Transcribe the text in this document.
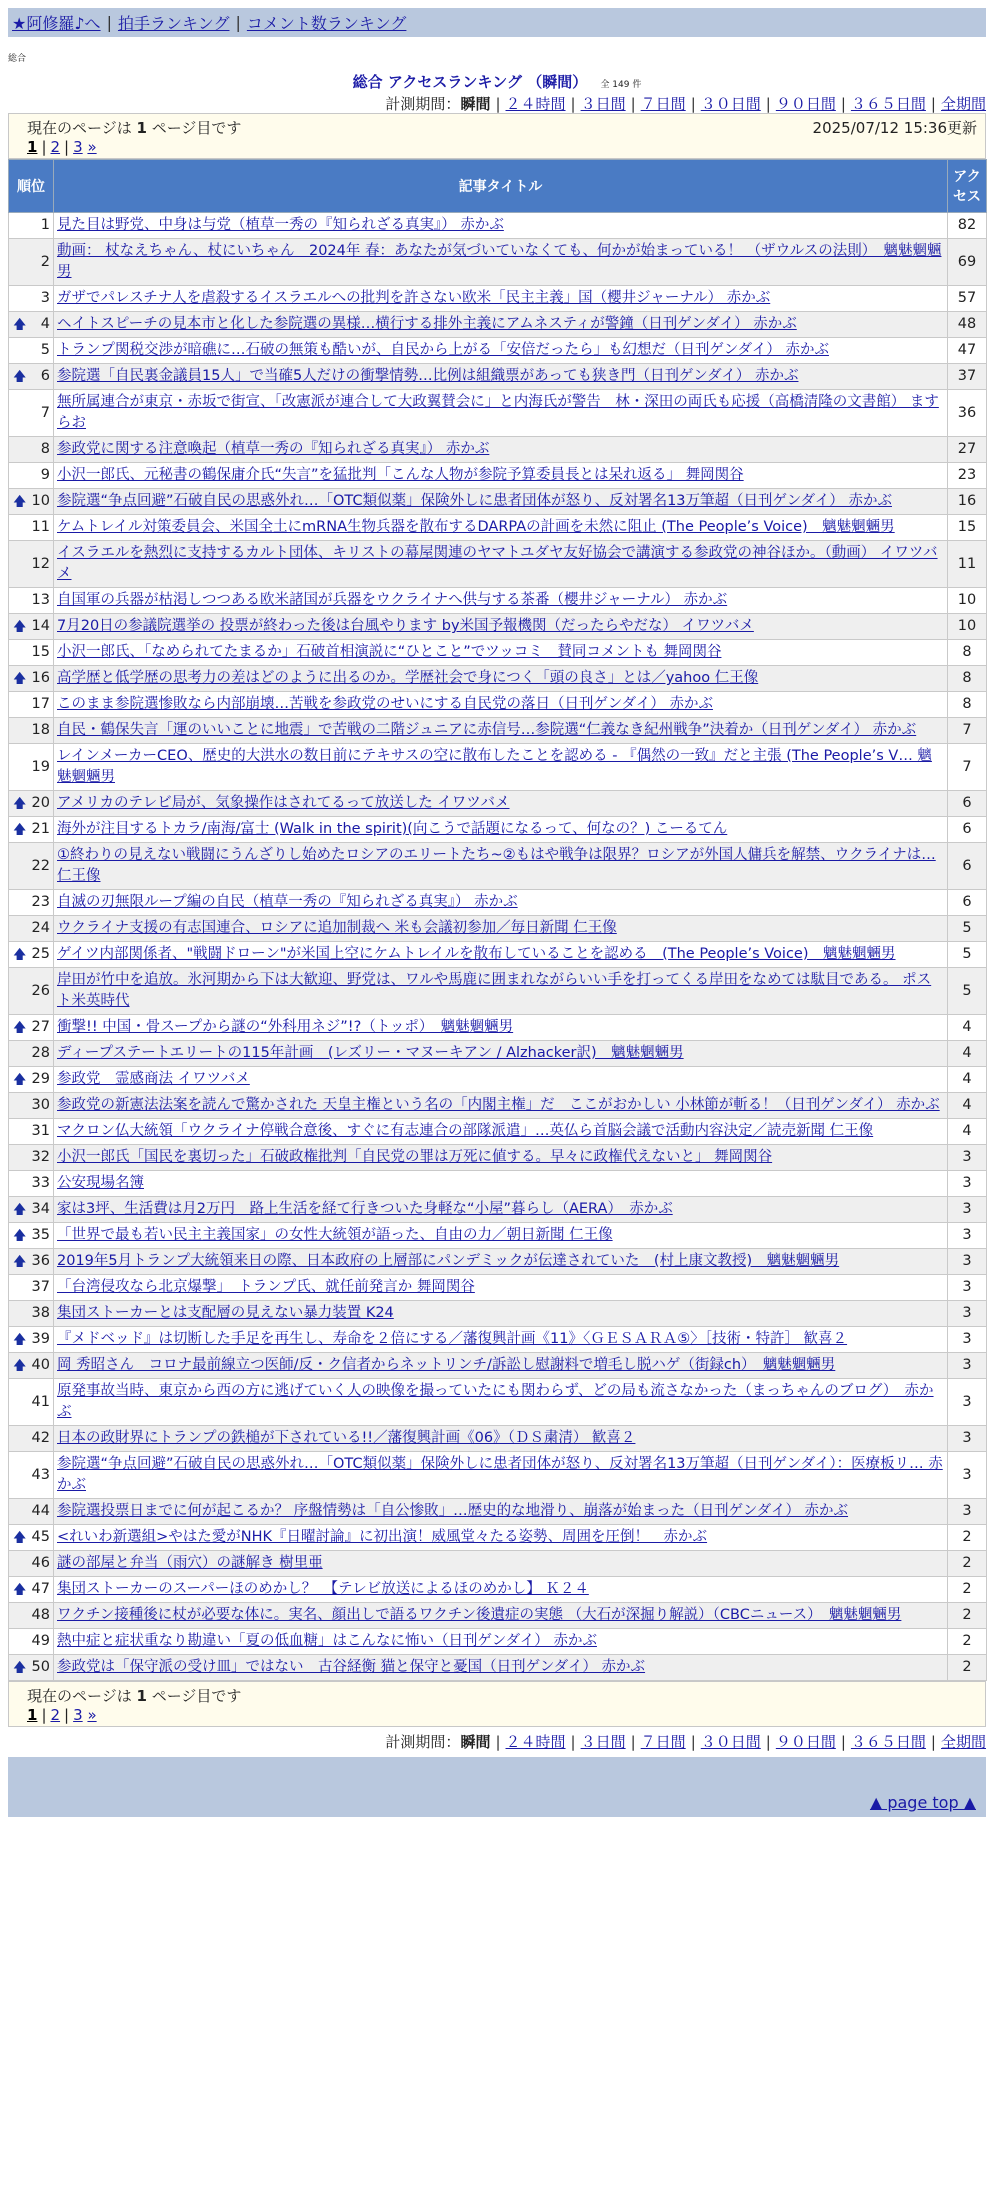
★阿修羅♪へ | 拍手ランキング | コメント数ランキング
総合
総合 アクセスランキング （瞬間） 全 149 件
計測期間：瞬間 | ２４時間 | ３日間 | ７日間 | ３０日間 | ９０日間 | ３６５日間 | 全期間
現在のページは 1 ページ目です	2025/07/12 15:36更新
1 | 2 | 3 »
順位	記事タイトル	アクセス
1	見た目は野党、中身は与党（植草一秀の『知られざる真実』） 赤かぶ	82
2	動画： 杖なえちゃん、杖にいちゃん　2024年 春：あなたが気づいていなくても、何かが始まっている！ （ザウルスの法則）　魑魅魍魎男	69
3	ガザでパレスチナ人を虐殺するイスラエルへの批判を許さない欧米「民主主義」国（櫻井ジャーナル） 赤かぶ	57

🡅 4	ヘイトスピーチの見本市と化した参院選の異様…横行する排外主義にアムネスティが警鐘（日刊ゲンダイ） 赤かぶ	48
5	トランプ関税交渉が暗礁に…石破の無策も酷いが、自民から上がる「安倍だったら」も幻想だ（日刊ゲンダイ） 赤かぶ	47

🡅 6	参院選「自民裏金議員15人」で当確5人だけの衝撃情勢…比例は組織票があっても狭き門（日刊ゲンダイ） 赤かぶ	37
7	無所属連合が東京・赤坂で街宣、「改憲派が連合して大政翼賛会に」と内海氏が警告　林・深田の両氏も応援（高橋清隆の文書館） ますらお	36
8	参政党に関する注意喚起（植草一秀の『知られざる真実』） 赤かぶ	27
9	小沢一郎氏、元秘書の鶴保庸介氏“失言”を猛批判「こんな人物が参院予算委員長とは呆れ返る」 舞岡関谷	23

🡅 10	参院選“争点回避”石破自民の思惑外れ…「OTC類似薬」保険外しに患者団体が怒り、反対署名13万筆超（日刊ゲンダイ） 赤かぶ	16
11	ケムトレイル対策委員会、米国全土にmRNA生物兵器を散布するDARPAの計画を未然に阻止 (The People’s Voice)　魑魅魍魎男	15
12	イスラエルを熱烈に支持するカルト団体、キリストの幕屋関連のヤマトユダヤ友好協会で講演する参政党の神谷ほか。（動画） イワツバメ	11
13	自国軍の兵器が枯渇しつつある欧米諸国が兵器をウクライナへ供与する茶番（櫻井ジャーナル） 赤かぶ	10

🡅 14	7月20日の参議院選挙の 投票が終わった後は台風やります by米国予報機関（だったらやだな） イワツバメ	10
15	小沢一郎氏、「なめられてたまるか」石破首相演説に“ひとこと”でツッコミ　賛同コメントも 舞岡関谷	8

🡅 16	高学歴と低学歴の思考力の差はどのように出るのか。学歴社会で身につく「頭の良さ」とは／yahoo 仁王像	8
17	このまま参院選惨敗なら内部崩壊…苦戦を参政党のせいにする自民党の落日（日刊ゲンダイ） 赤かぶ	8
18	自民・鶴保失言「運のいいことに地震」で苦戦の二階ジュニアに赤信号…参院選“仁義なき紀州戦争”決着か（日刊ゲンダイ） 赤かぶ	7
19	レインメーカーCEO、歴史的大洪水の数日前にテキサスの空に散布したことを認める - 『偶然の一致』だと主張 (The People’s V… 魑魅魍魎男	7

🡅 20	アメリカのテレビ局が、気象操作はされてるって放送した イワツバメ	6

🡅 21	海外が注目するトカラ/南海/富士 (Walk in the spirit)(向こうで話題になるって、何なの？) こーるてん	6
22	①終わりの見えない戦闘にうんざりし始めたロシアのエリートたち~②もはや戦争は限界？ロシアが外国人傭兵を解禁、ウクライナは… 仁王像	6
23	自滅の刃無限ループ編の自民（植草一秀の『知られざる真実』） 赤かぶ	6
24	ウクライナ支援の有志国連合、ロシアに追加制裁へ 米も会議初参加／毎日新聞 仁王像	5

🡅 25	ゲイツ内部関係者、"戦闘ドローン"が米国上空にケムトレイルを散布していることを認める　(The People’s Voice)　魑魅魍魎男	5
26	岸田が竹中を追放。氷河期から下は大歓迎、野党は、ワルや馬鹿に囲まれながらいい手を打ってくる岸田をなめては駄目である。 ポスト米英時代	5

🡅 27	衝撃!! 中国・骨スープから謎の“外科用ネジ”!?（トッポ）　魑魅魍魎男	4
28	ディープステートエリートの115年計画　(レズリー・マヌーキアン / Alzhacker訳)　魑魅魍魎男	4

🡅 29	参政党　霊感商法 イワツバメ	4
30	参政党の新憲法法案を読んで驚かされた 天皇主権という名の「内閣主権」だ　ここがおかしい 小林節が斬る！（日刊ゲンダイ） 赤かぶ	4
31	マクロン仏大統領「ウクライナ停戦合意後、すぐに有志連合の部隊派遣」…英仏ら首脳会議で活動内容決定／読売新聞 仁王像	4
32	小沢一郎氏「国民を裏切った」石破政権批判「自民党の罪は万死に値する。早々に政権代えないと」 舞岡関谷	3
33	公安現場名簿	3

🡅 34	家は3坪、生活費は月2万円　路上生活を経て行きついた身軽な“小屋”暮らし（AERA）　赤かぶ	3

🡅 35	「世界で最も若い民主主義国家」の女性大統領が語った、自由の力／朝日新聞 仁王像	3

🡅 36	2019年5月トランプ大統領来日の際、日本政府の上層部にパンデミックが伝達されていた　(村上康文教授)　魑魅魍魎男	3
37	「台湾侵攻なら北京爆撃」　トランプ氏、就任前発言か 舞岡関谷	3
38	集団ストーカーとは支配層の見えない暴力装置 K24	3

🡅 39	『メドベッド』は切断した手足を再生し、寿命を２倍にする／藩復興計画《11》〈ＧＥＳＡＲＡ⑤〉［技術・特許］ 歓喜２	3

🡅 40	岡 秀昭さん　コロナ最前線立つ医師/反・ク信者からネットリンチ/訴訟し慰謝料で増毛し脱ハゲ（街録ch）　魑魅魍魎男	3
41	原発事故当時、東京から西の方に逃げていく人の映像を撮っていたにも関わらず、どの局も流さなかった（まっちゃんのブログ）　赤かぶ	3
42	日本の政財界にトランプの鉄槌が下されている!!／藩復興計画《06》（ＤＳ粛清） 歓喜２	3
43	参院選“争点回避”石破自民の思惑外れ…「OTC類似薬」保険外しに患者団体が怒り、反対署名13万筆超（日刊ゲンダイ）：医療板リ… 赤かぶ	3
44	参院選投票日までに何が起こるか？ 序盤情勢は「自公惨敗」…歴史的な地滑り、崩落が始まった（日刊ゲンダイ） 赤かぶ	3

🡅 45	<れいわ新選組>やはた愛がNHK『日曜討論』に初出演！威風堂々たる姿勢、周囲を圧倒！　赤かぶ	2
46	謎の部屋と弁当（雨穴）の謎解き 樹里亜	2

🡅 47	集団ストーカーのスーパーほのめかし？　【テレビ放送によるほのめかし】 Ｋ２４	2
48	ワクチン接種後に杖が必要な体に。実名、顔出しで語るワクチン後遺症の実態 （大石が深掘り解説）（CBCニュース）　魑魅魍魎男	2
49	熱中症と症状重なり勘違い「夏の低血糖」はこんなに怖い（日刊ゲンダイ） 赤かぶ	2

🡅 50	参政党は「保守派の受け皿」ではない　古谷経衡 猫と保守と憂国（日刊ゲンダイ） 赤かぶ	2
現在のページは 1 ページ目です
1 | 2 | 3 »
計測期間：瞬間 | ２４時間 | ３日間 | ７日間 | ３０日間 | ９０日間 | ３６５日間 | 全期間
▲ page top ▲
